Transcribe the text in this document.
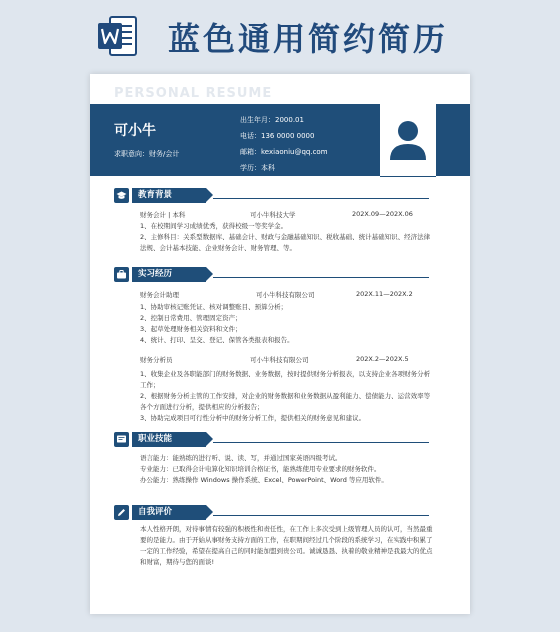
蓝色通用简约简历
PERSONAL RESUME
可小牛
求职意向：财务/会计
出生年月：2000.01
电话：136 0000 0000
邮箱：kexiaoniu@qq.com
学历：本科
教育背景
财务会计 | 本科	可小牛科技大学	202X.09—202X.06
1、在校期间学习成绩优秀，获得校级一等奖学金。
2、主修科目：关系型数据库、基础会计、财政与金融基础知识、税收基础、统计基础知识、经济法律法规、会计基本技能、企业财务会计、财务管理、等。
实习经历
财务会计助理	可小牛科技有限公司	202X.11—202X.2
1、协助审核记账凭证、核对调整账目、预算分析；
2、控制日常费用、管理固定资产；
3、起草处理财务相关资料和文件；
4、统计、打印、呈交、登记、保管各类报表和报告。
财务分析员	可小牛科技有限公司	202X.2—202X.5
1、收集企业及各职能部门的财务数据、业务数据，按时提供财务分析报表，以支持企业各项财务分析工作；
2、根据财务分析主管的工作安排，对企业的财务数据和业务数据从盈利能力、偿债能力、运营效率等各个方面进行分析，提供相应的分析报告；
3、协助完成项目可行性分析中的财务分析工作，提供相关的财务意见和建议。
职业技能
语言能力：能熟练的进行听、说、读、写，并通过国家英语四级考试。
专业能力：已取得会计电算化知识培训合格证书，能熟练使用专业要求的财务软件。
办公能力：熟练操作 Windows 操作系统、Excel、PowerPoint、Word 等应用软件。
自我评价
本人性格开朗，对待事情有较强的积极性和责任性，在工作上多次受到上级管理人员的认可，当然最重要的是能力。由于开始从事财务支持方面的工作，在职期间经过几个阶段的系统学习，在实践中积累了一定的工作经验，希望在提高自己的同时能加盟到贵公司。诚诚恳恳、执着的敬业精神是我最大的优点和财富，期待与您的面谈!
